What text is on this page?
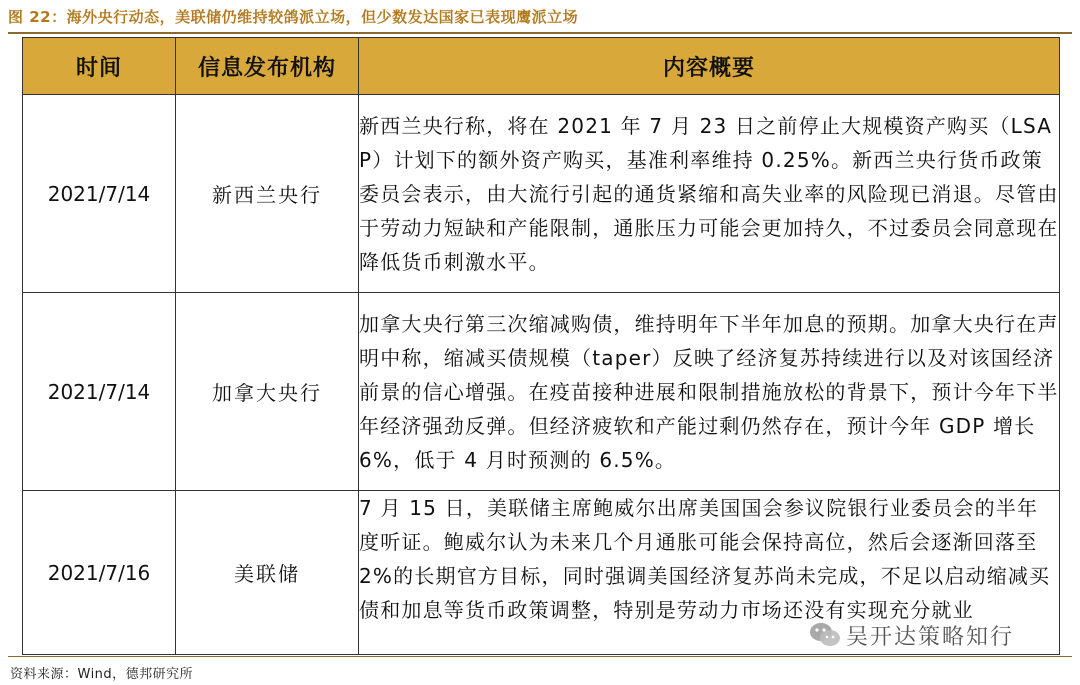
图 22：海外央行动态，美联储仍维持较鸽派立场，但少数发达国家已表现鹰派立场
时间	信息发布机构	内容概要
2021/7/14	新西兰央行	新西兰央行称，将在 2021 年 7 月 23 日之前停止大规模资产购买（LSAP）计划下的额外资产购买，基准利率维持 0.25%。新西兰央行货币政策委员会表示，由大流行引起的通货紧缩和高失业率的风险现已消退。尽管由于劳动力短缺和产能限制，通胀压力可能会更加持久，不过委员会同意现在降低货币刺激水平。
2021/7/14	加拿大央行	加拿大央行第三次缩减购债，维持明年下半年加息的预期。加拿大央行在声明中称，缩减买债规模（taper）反映了经济复苏持续进行以及对该国经济前景的信心增强。在疫苗接种进展和限制措施放松的背景下，预计今年下半年经济强劲反弹。但经济疲软和产能过剩仍然存在，预计今年 GDP 增长 6%，低于 4 月时预测的 6.5%。
2021/7/16	美联储	7 月 15 日，美联储主席鲍威尔出席美国国会参议院银行业委员会的半年度听证。鲍威尔认为未来几个月通胀可能会保持高位，然后会逐渐回落至 2%的长期官方目标，同时强调美国经济复苏尚未完成，不足以启动缩减买债和加息等货币政策调整，特别是劳动力市场还没有实现充分就业
吴开达策略知行
资料来源：Wind，德邦研究所
